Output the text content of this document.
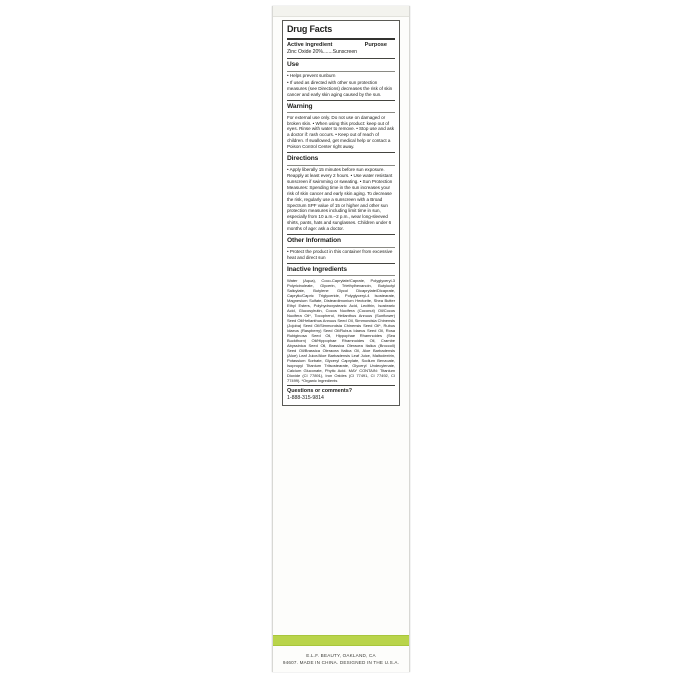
Drug Facts
Active ingredient	Purpose
Zinc Oxide 20%.......Sunscreen
Use

• Helps prevent sunburn

• If used as directed with other sun protection measures (see Directions) decreases the risk of skin cancer and early skin aging caused by the sun.

Warning
For external use only. Do not use on damaged or broken skin. • When using this product: keep out of eyes. Rinse with water to remove. • Stop use and ask a doctor if: rash occurs. • Keep out of reach of children. If swallowed, get medical help or contact a Poison Control Center right away.
Directions
• Apply liberally 15 minutes before sun exposure. Reapply at least every 2 hours. • Use water resistant sunscreen if swimming or sweating. • Sun Protection Measures: Spending time in the sun increases your risk of skin cancer and early skin aging. To decrease the risk, regularly use a sunscreen with a Broad Spectrum SPF value of 15 or higher and other sun protection measures including limit time in sun, especially from 10 a.m.–2 p.m., wear long-sleeved shirts, pants, hats and sunglasses. Children under 6 months of age: ask a doctor.
Other Information
• Protect the product in this container from excessive heat and direct sun
Inactive Ingredients
Water (Aqua), Coco-Caprylate/Caprate, Polyglyceryl-3 Polyricinoleate, Glycerin, Triethylhexanoin, Butyloctyl Salicylate, Butylene Glycol Dicaprylate/Dicaprate, Caprylic/Capric Triglyceride, Polyglyceryl-4 Isostearate, Magnesium Sulfate, Disteardimonium Hectorite, Shea Butter Ethyl Esters, Polyhydroxystearic Acid, Lecithin, Isostearic Acid, Glucosylrutin, Cocos Nucifera (Coconut) Oil/Cocos Nucifera Oil*, Tocopherol, Helianthus Annuus (Sunflower) Seed Oil/Helianthus Annuus Seed Oil, Simmondsia Chinensis (Jojoba) Seed Oil/Simmondsia Chinensis Seed Oil*, Rubus Idaeus (Raspberry) Seed Oil/Rubus Idaeus Seed Oil, Rosa Rubiginosa Seed Oil, Hippophae Rhamnoides (Sea Buckthorn) Oil/Hippophae Rhamnoides Oil, Crambe Abyssinica Seed Oil, Brassica Oleracea Italica (Broccoli) Seed Oil/Brassica Oleracea Italica Oil, Aloe Barbadensis (Aloe) Leaf Juice/Aloe Barbadensis Leaf Juice, Maltodextrin, Potassium Sorbate, Glyceryl Caprylate, Sodium Benzoate, Isopropyl Titanium Triisostearate, Glyceryl Undecylenate, Calcium Gluconate, Phytic Acid. MAY CONTAIN: Titanium Dioxide (CI 77891), Iron Oxides (CI 77491, CI 77492, CI 77499). *Organic Ingredients
Questions or comments?
1-888-315-9814
E.L.F. BEAUTY, OAKLAND, CA
94607. MADE IN CHINA. DESIGNED IN THE U.S.A.
